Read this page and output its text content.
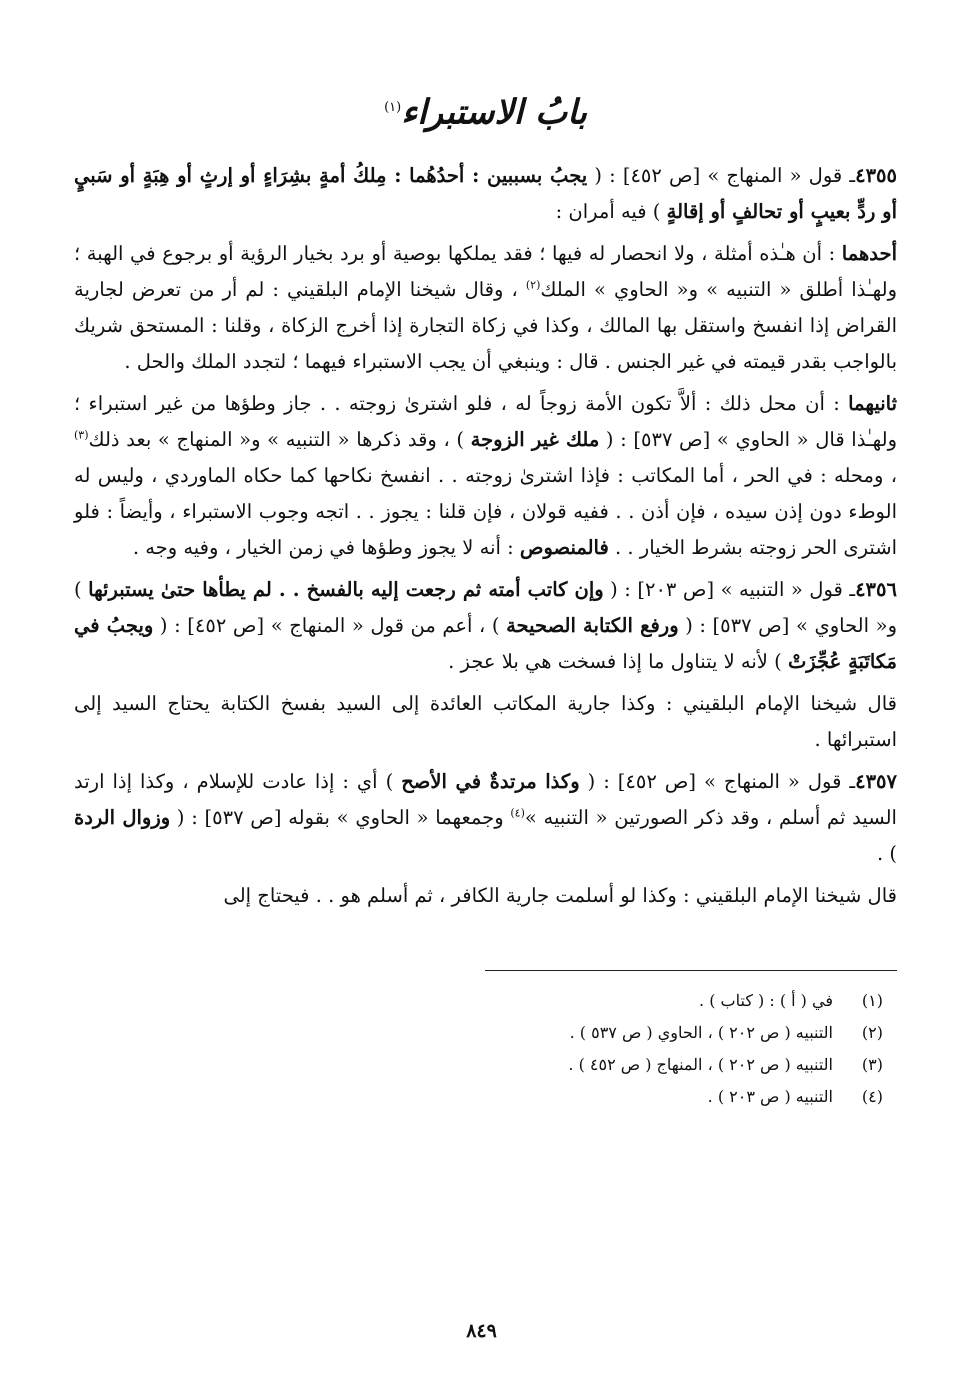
بابُ الاستبراء$^{(١)}$

٤٣٥٥ـ قول « المنهاج » [ص ٤٥٢] : ( يجبُ بسببين : أحدُهُما : مِلكُ أمةٍ بشِرَاءٍ أو إرثٍ أو هِبَةٍ أو سَبيٍ أو ردٍّ بعيبٍ أو تحالفٍ أو إقالةٍ ) فيه أمران :

أحدهما : أن هـٰذه أمثلة ، ولا انحصار له فيها ؛ فقد يملكها بوصية أو برد بخيار الرؤية أو برجوع في الهبة ؛ ولهـٰذا أطلق « التنبيه » و« الحاوي » الملك$^{(٢)}$ ، وقال شيخنا الإمام البلقيني : لم أر من تعرض لجارية القراض إذا انفسخ واستقل بها المالك ، وكذا في زكاة التجارة إذا أخرج الزكاة ، وقلنا : المستحق شريك بالواجب بقدر قيمته في غير الجنس . قال : وينبغي أن يجب الاستبراء فيهما ؛ لتجدد الملك والحل .

ثانيهما : أن محل ذلك : ألاَّ تكون الأمة زوجاً له ، فلو اشترىٰ زوجته . . جاز وطؤها من غير استبراء ؛ ولهـٰذا قال « الحاوي » [ص ٥٣٧] : ( ملك غير الزوجة ) ، وقد ذكرها « التنبيه » و« المنهاج » بعد ذلك$^{(٣)}$ ، ومحله : في الحر ، أما المكاتب : فإذا اشترىٰ زوجته . . انفسخ نكاحها كما حكاه الماوردي ، وليس له الوطء دون إذن سيده ، فإن أذن . . ففيه قولان ، فإن قلنا : يجوز . . اتجه وجوب الاستبراء ، وأيضاً : فلو اشترى الحر زوجته بشرط الخيار . . فالمنصوص : أنه لا يجوز وطؤها في زمن الخيار ، وفيه وجه .

٤٣٥٦ـ قول « التنبيه » [ص ٢٠٣] : ( وإن كاتب أمته ثم رجعت إليه بالفسخ . . لم يطأها حتىٰ يستبرئها ) و« الحاوي » [ص ٥٣٧] : ( ورفع الكتابة الصحيحة ) ، أعم من قول « المنهاج » [ص ٤٥٢] : ( ويجبُ في مَكاتَبَةٍ عُجِّزَتْ ) لأنه لا يتناول ما إذا فسخت هي بلا عجز .

قال شيخنا الإمام البلقيني : وكذا جارية المكاتب العائدة إلى السيد بفسخ الكتابة يحتاج السيد إلى استبرائها .

٤٣٥٧ـ قول « المنهاج » [ص ٤٥٢] : ( وكذا مرتدةٌ في الأصح ) أي : إذا عادت للإسلام ، وكذا إذا ارتد السيد ثم أسلم ، وقد ذكر الصورتين « التنبيه »$^{(٤)}$ وجمعهما « الحاوي » بقوله [ص ٥٣٧] : ( وزوال الردة ) .

قال شيخنا الإمام البلقيني : وكذا لو أسلمت جارية الكافر ، ثم أسلم هو . . فيحتاج إلى

(١)
في ( أ ) : ( كتاب ) .
(٢)
التنبيه ( ص ٢٠٢ ) ، الحاوي ( ص ٥٣٧ ) .
(٣)
التنبيه ( ص ٢٠٢ ) ، المنهاج ( ص ٤٥٢ ) .
(٤)
التنبيه ( ص ٢٠٣ ) .
٨٤٩
